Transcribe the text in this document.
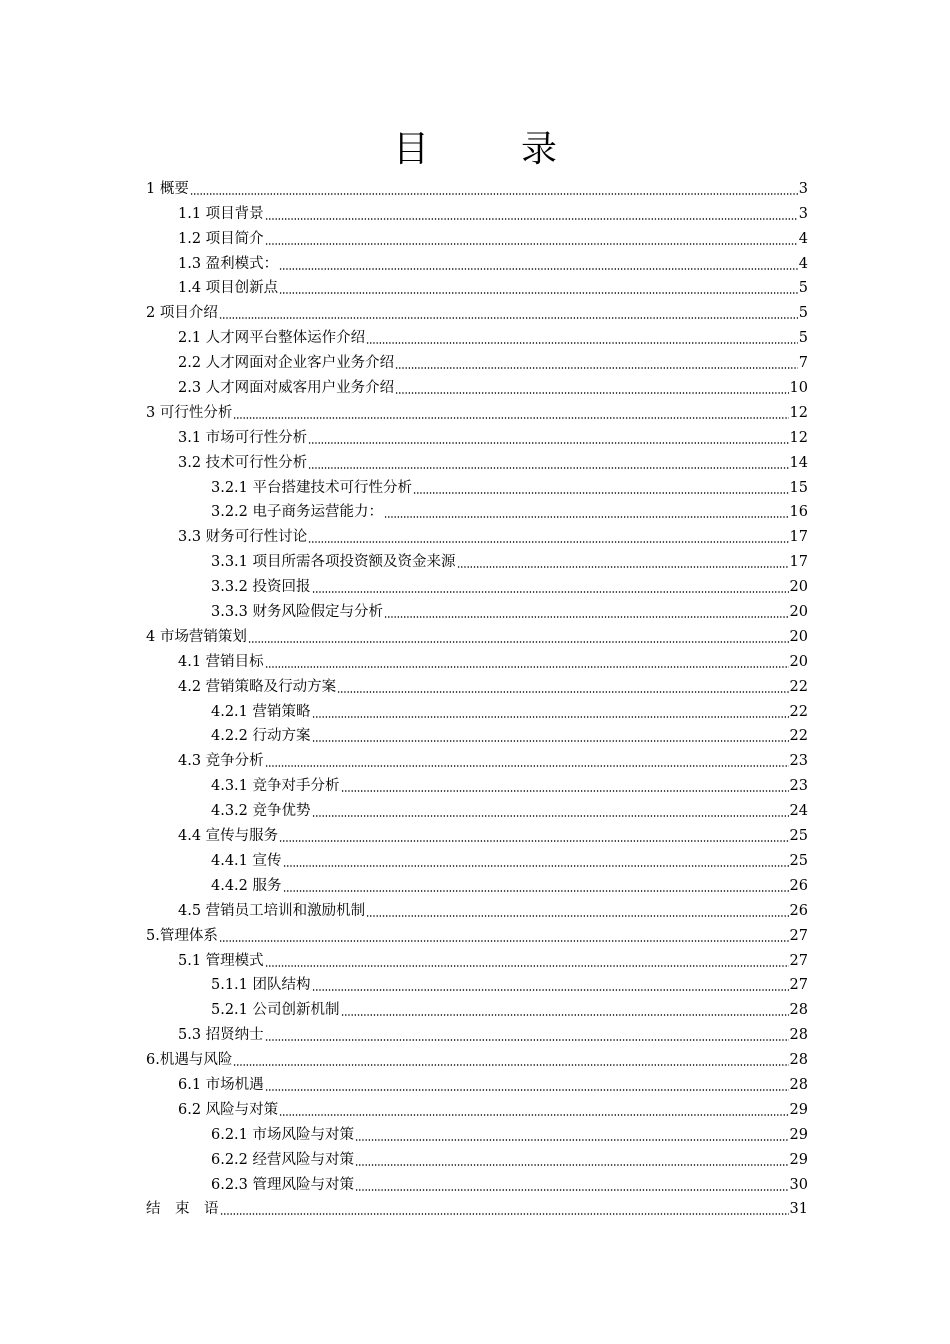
目　录
1 概要	3
1.1 项目背景	3
1.2 项目简介	4
1.3 盈利模式：	4
1.4 项目创新点	5
2 项目介绍	5
2.1 人才网平台整体运作介绍	5
2.2 人才网面对企业客户业务介绍	7
2.3 人才网面对威客用户业务介绍	10
3 可行性分析	12
3.1 市场可行性分析	12
3.2 技术可行性分析	14
3.2.1 平台搭建技术可行性分析	15
3.2.2 电子商务运营能力：	16
3.3 财务可行性讨论	17
3.3.1 项目所需各项投资额及资金来源	17
3.3.2 投资回报	20
3.3.3 财务风险假定与分析	20
4 市场营销策划	20
4.1 营销目标	20
4.2 营销策略及行动方案	22
4.2.1 营销策略	22
4.2.2 行动方案	22
4.3 竞争分析	23
4.3.1 竞争对手分析	23
4.3.2 竞争优势	24
4.4 宣传与服务	25
4.4.1 宣传	25
4.4.2 服务	26
4.5 营销员工培训和激励机制	26
5.管理体系	27
5.1 管理模式	27
5.1.1 团队结构	27
5.2.1 公司创新机制	28
5.3 招贤纳士	28
6.机遇与风险	28
6.1 市场机遇	28
6.2 风险与对策	29
6.2.1 市场风险与对策	29
6.2.2 经营风险与对策	29
6.2.3 管理风险与对策	30
结　束　语	31
